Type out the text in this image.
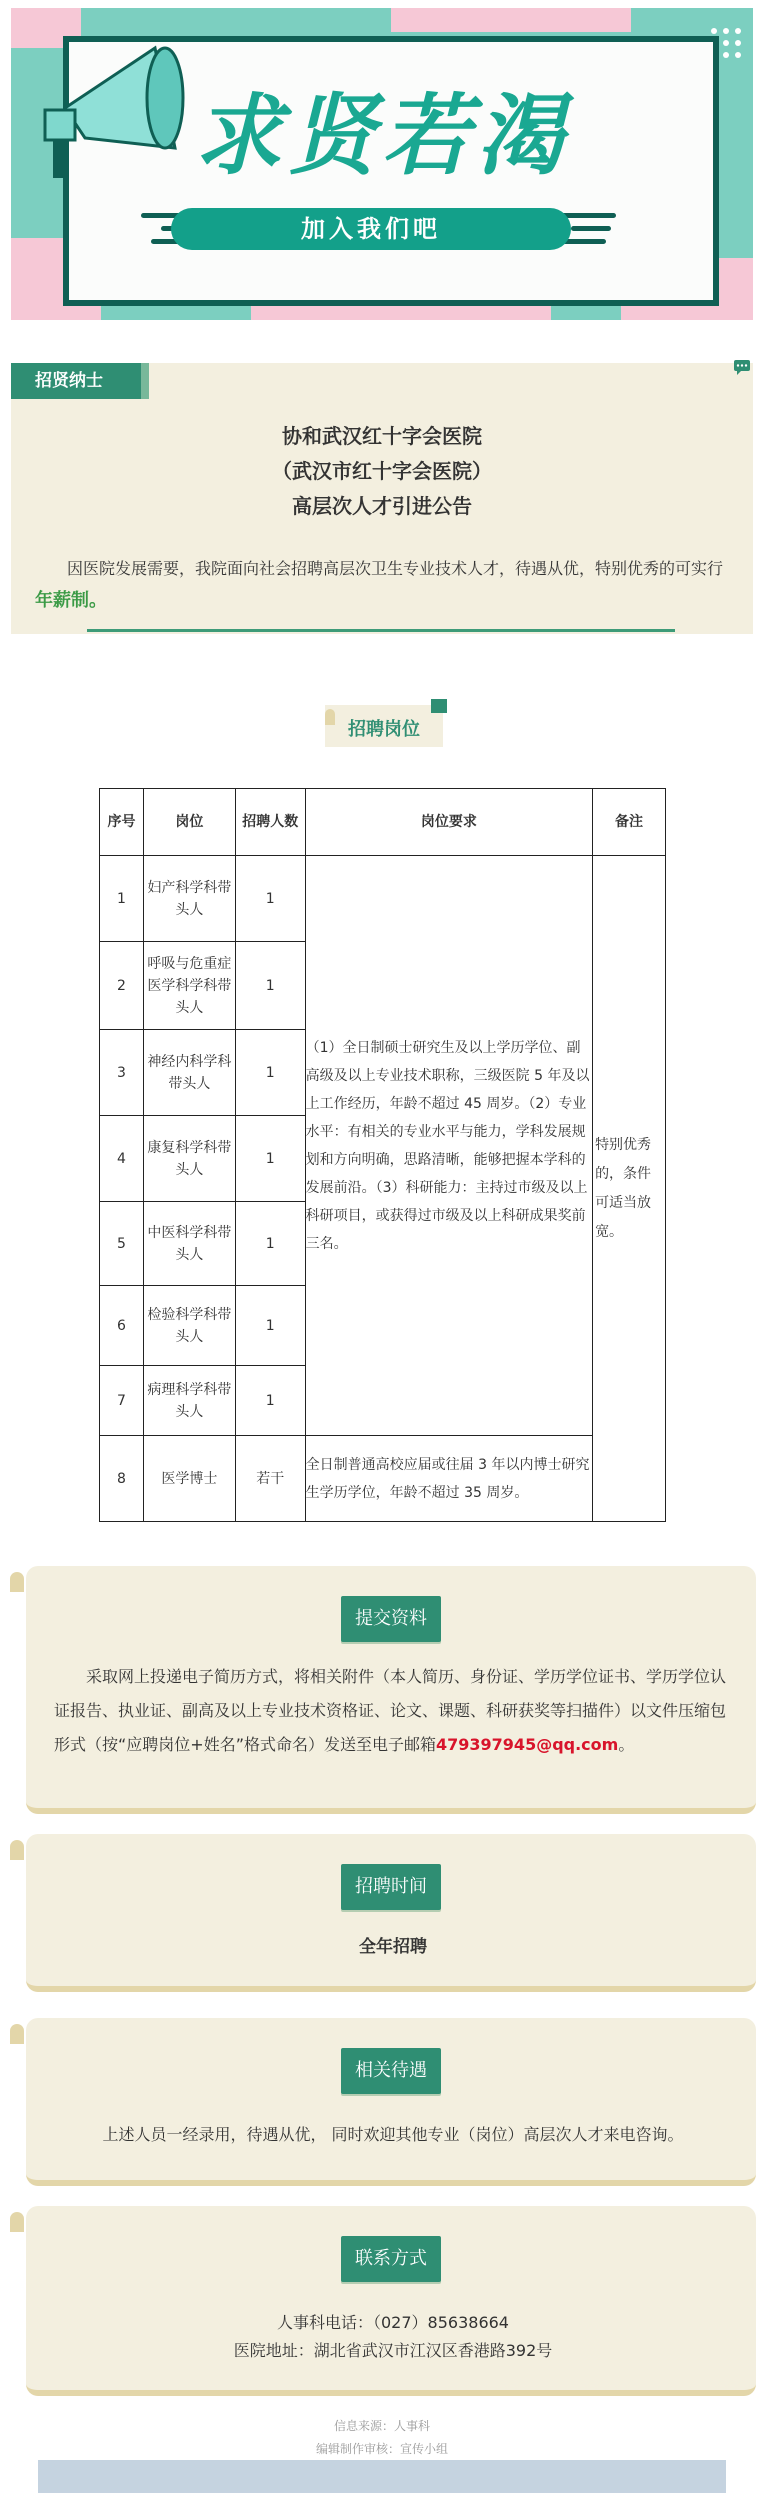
求贤若渴
加入我们吧
招贤纳士
协和武汉红十字会医院
（武汉市红十字会医院）
高层次人才引进公告
因医院发展需要，我院面向社会招聘高层次卫生专业技术人才，待遇从优，特别优秀的可实行年薪制。
招聘岗位
序号	岗位	招聘人数	岗位要求	备注
1	妇产科学科带头人	1	（1）全日制硕士研究生及以上学历学位、副高级及以上专业技术职称，三级医院 5 年及以上工作经历，年龄不超过 45 周岁。（2）专业水平：有相关的专业水平与能力，学科发展规划和方向明确，思路清晰，能够把握本学科的发展前沿。（3）科研能力：主持过市级及以上科研项目，或获得过市级及以上科研成果奖前三名。	特别优秀的，条件可适当放宽。
2	呼吸与危重症医学科学科带头人	1		
3	神经内科学科带头人	1		
4	康复科学科带头人	1		
5	中医科学科带头人	1		
6	检验科学科带头人	1		
7	病理科学科带头人	1		
8	医学博士	若干	全日制普通高校应届或往届 3 年以内博士研究生学历学位，年龄不超过 35 周岁。	
提交资料
采取网上投递电子简历方式，将相关附件（本人简历、身份证、学历学位证书、学历学位认证报告、执业证、副高及以上专业技术资格证、论文、课题、科研获奖等扫描件）以文件压缩包形式（按“应聘岗位+姓名”格式命名）发送至电子邮箱479397945@qq.com。
招聘时间
全年招聘
相关待遇
上述人员一经录用，待遇从优， 同时欢迎其他专业（岗位）高层次人才来电咨询。
联系方式
人事科电话：（027）85638664
医院地址：湖北省武汉市江汉区香港路392号
信息来源：人事科
编辑制作审核：宣传小组
